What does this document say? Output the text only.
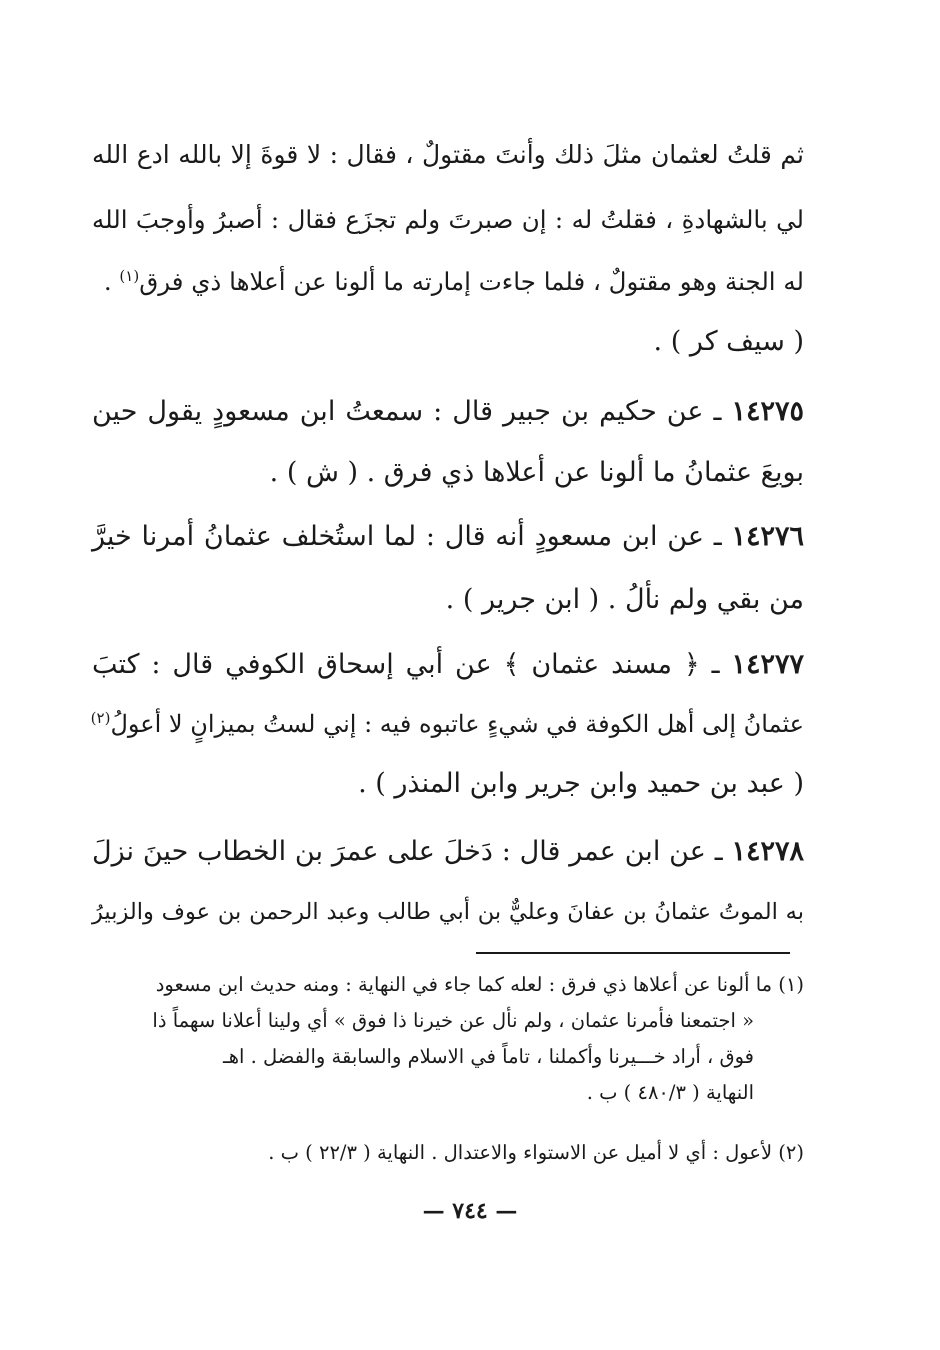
ثم قلتُ لعثمان مثلَ ذلك وأنتَ مقتولٌ ، فقال : لا قوةَ إلا بالله ادع الله
لي بالشهادةِ ، فقلتُ له : إن صبرتَ ولم تجزَع فقال : أصبرُ وأوجبَ الله
له الجنة وهو مقتولٌ ، فلما جاءت إمارته ما ألونا عن أعلاها ذي فرق$^{(١)}$ .
( سيف كر ) .
١٤٢٧٥ ـ عن حكيم بن جبير قال : سمعتُ ابن مسعودٍ يقول حين
بويعَ عثمانُ ما ألونا عن أعلاها ذي فرق . ( ش ) .
١٤٢٧٦ ـ عن ابن مسعودٍ أنه قال : لما استُخلف عثمانُ أمرنا خيرَّ
من بقي ولم نألُ . ( ابن جرير ) .
١٤٢٧٧ ـ ﴿ مسند عثمان ﴾ عن أبي إسحاق الكوفي قال : كتبَ
عثمانُ إلى أهل الكوفة في شيءٍ عاتبوه فيه : إني لستُ بميزانٍ لا أعولُ$^{(٢)}$
( عبد بن حميد وابن جرير وابن المنذر ) .
١٤٢٧٨ ـ عن ابن عمر قال : دَخلَ على عمرَ بن الخطاب حينَ نزلَ
به الموتُ عثمانُ بن عفانَ وعليٌّ بن أبي طالب وعبد الرحمن بن عوف والزبيرُ
(١) ما ألونا عن أعلاها ذي فرق : لعله كما جاء في النهاية : ومنه حديث ابن مسعود
« اجتمعنا فأمرنا عثمان ، ولم نأل عن خيرنا ذا فوق » أي ولينا أعلانا سهماً ذا
فوق ، أراد خـــيرنا وأكملنا ، تاماً في الاسلام والسابقة والفضل . اهـ
النهاية ( ٤٨٠/٣ ) ب .
(٢) لأعول : أي لا أميل عن الاستواء والاعتدال . النهاية ( ٢٢/٣ ) ب .
— ٧٤٤ —
